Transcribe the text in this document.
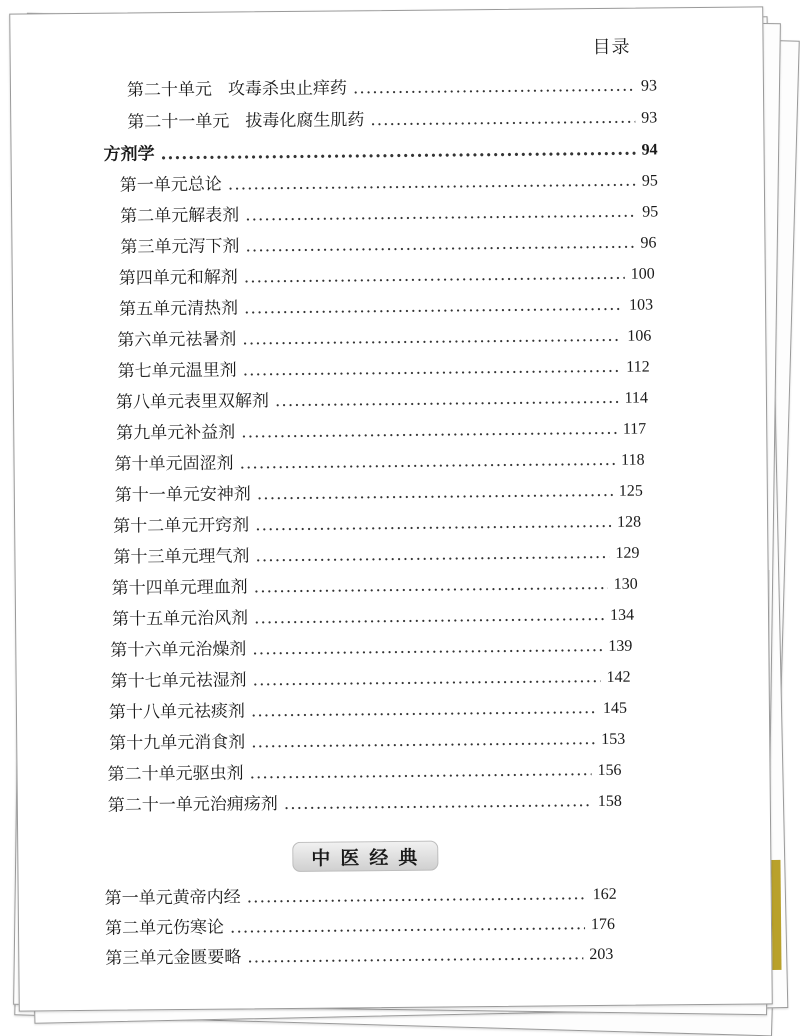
目录
第二十单元 攻毒杀虫止痒药 .....	93
第二十一单元 拔毒化腐生肌药 .....	93
方剂学 .....	94
第一单元 总论 .....	95
第二单元 解表剂 .....	95
第三单元 泻下剂 .....	96
第四单元 和解剂 .....	100
第五单元 清热剂 .....	103
第六单元 祛暑剂 .....	106
第七单元 温里剂 .....	112
第八单元 表里双解剂 .....	114
第九单元 补益剂 .....	117
第十单元 固涩剂 .....	118
第十一单元 安神剂 .....	125
第十二单元 开窍剂 .....	128
第十三单元 理气剂 .....	129
第十四单元 理血剂 .....	130
第十五单元 治风剂 .....	134
第十六单元 治燥剂 .....	139
第十七单元 祛湿剂 .....	142
第十八单元 祛痰剂 .....	145
第十九单元 消食剂 .....	153
第二十单元 驱虫剂 .....	156
第二十一单元 治痈疡剂 .....	158
中医经典
第一单元 黄帝内经 .....	162
第二单元 伤寒论 .....	176
第三单元 金匮要略 .....	203
